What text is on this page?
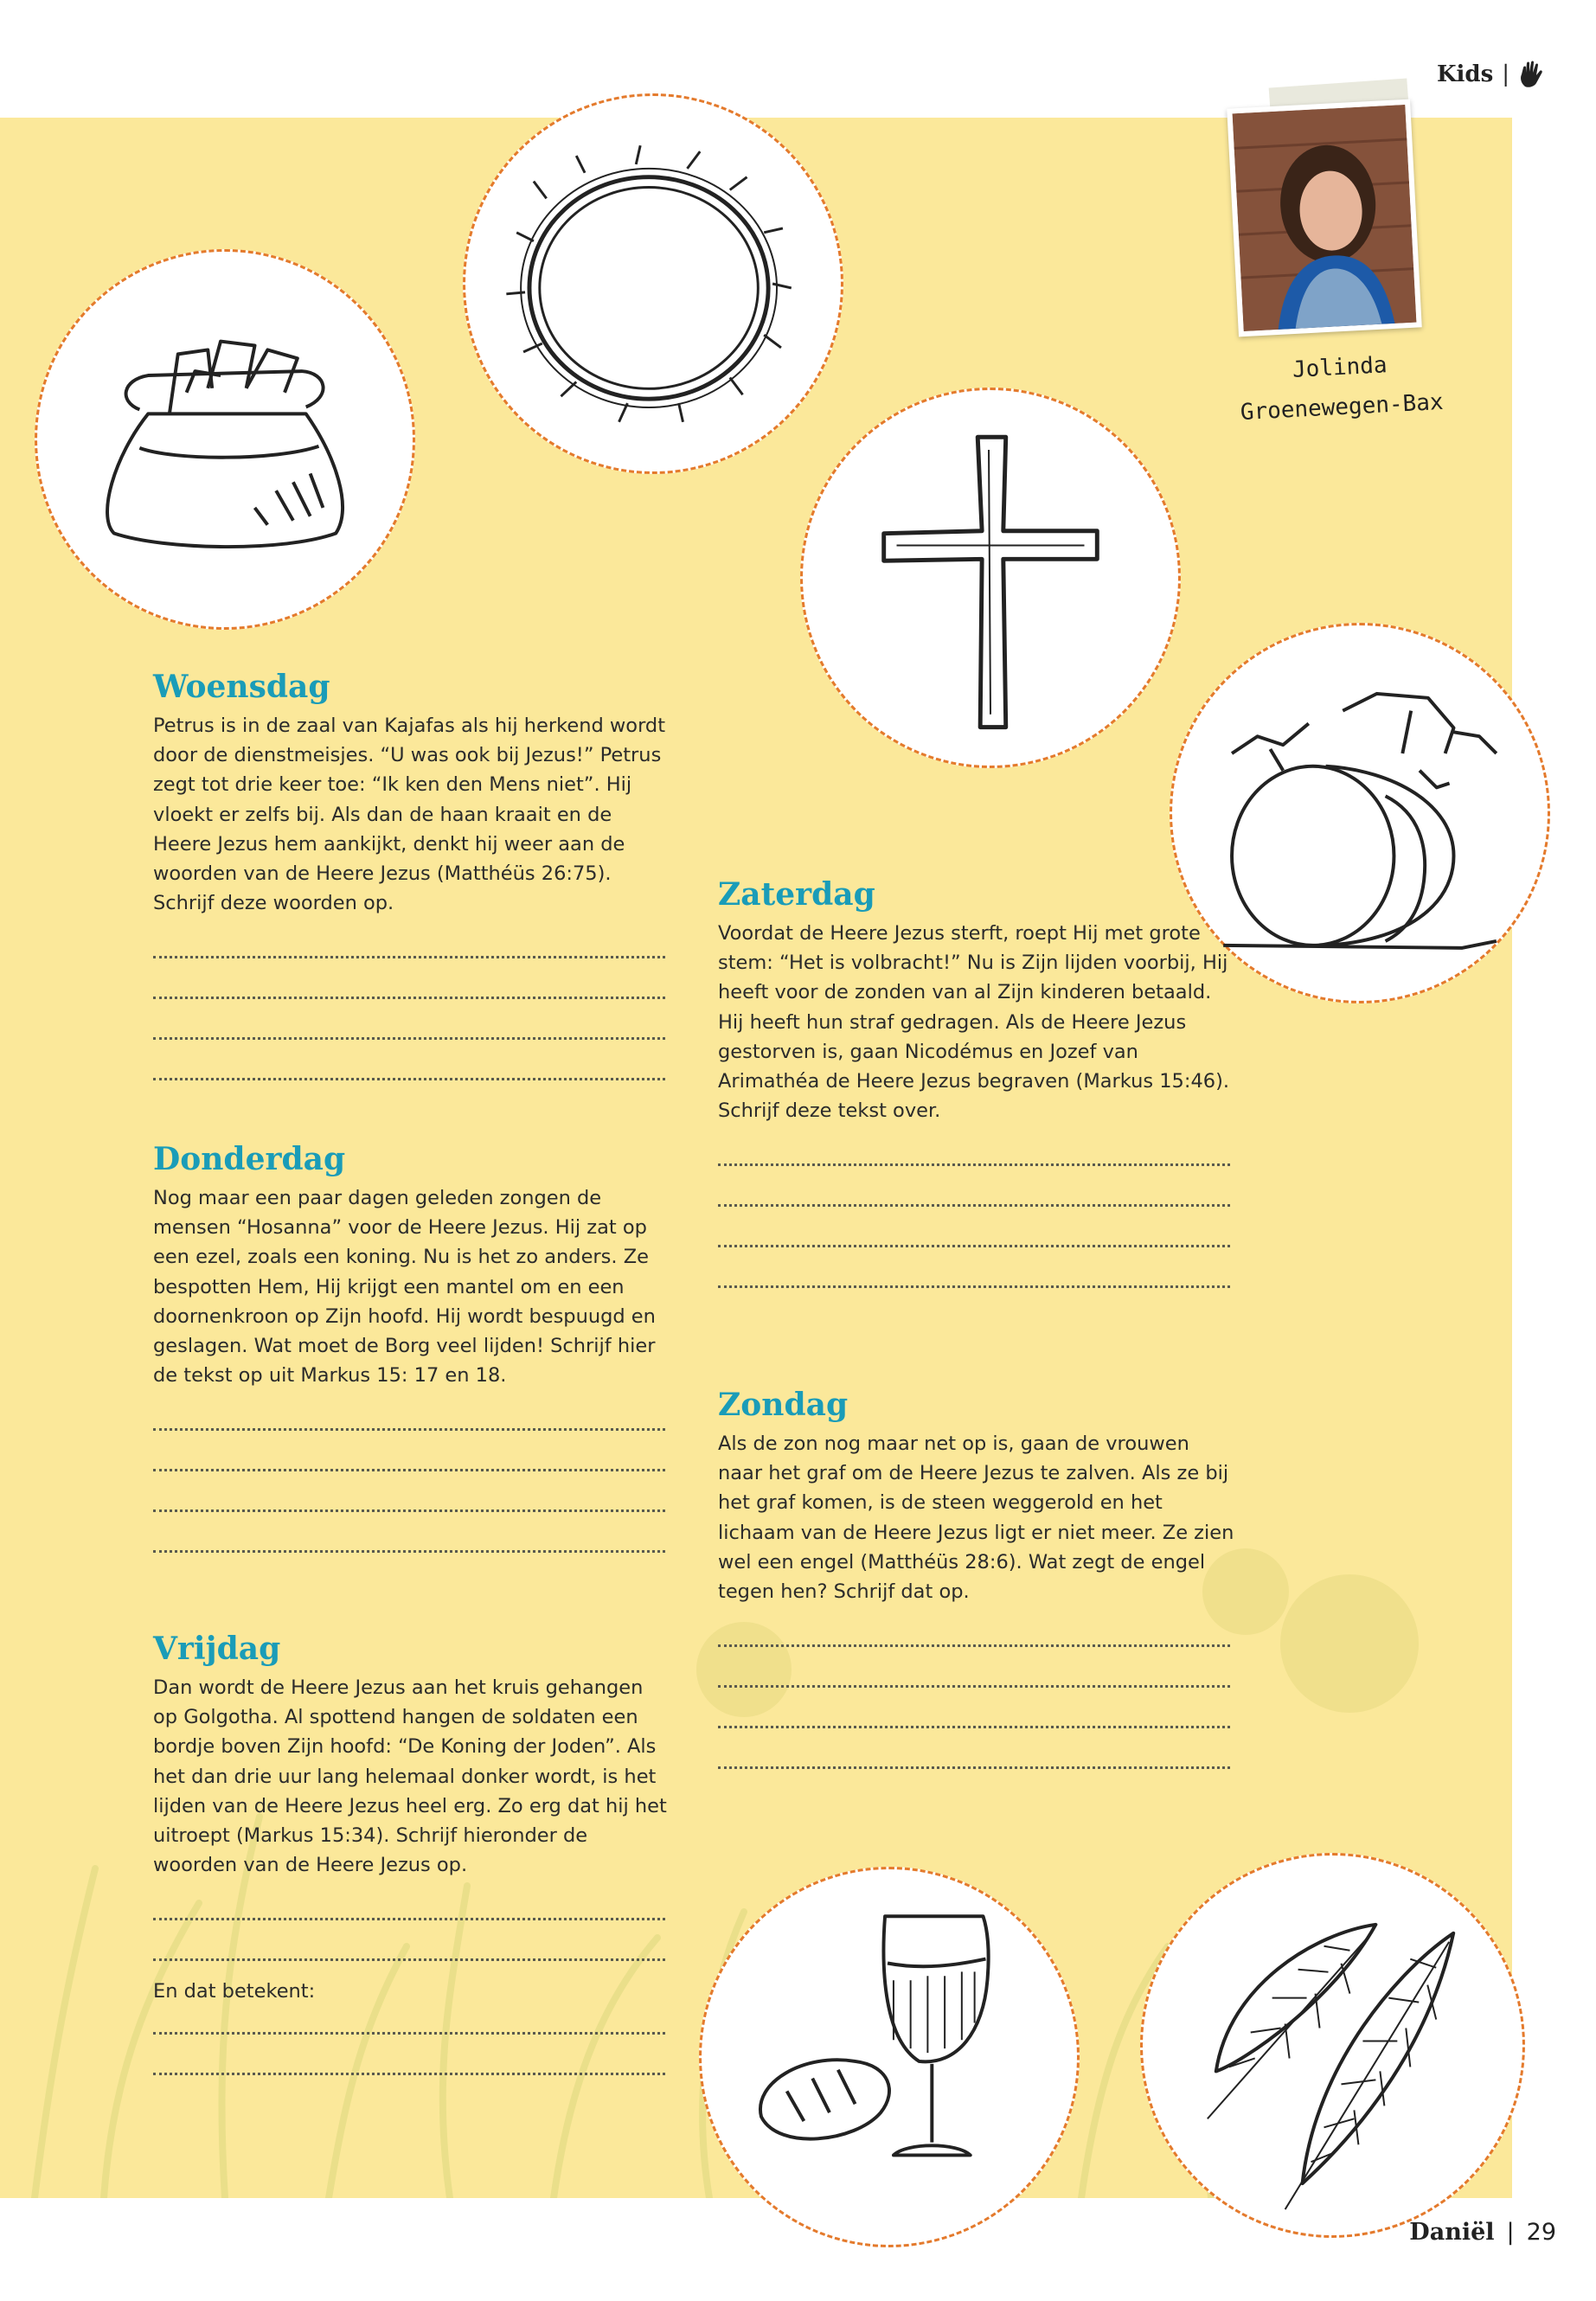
Kids |
Jolinda
Groenewegen-Bax
Woensdag

Petrus is in de zaal van Kajafas als hij herkend wordt door de dienstmeisjes. “U was ook bij Jezus!” Petrus zegt tot drie keer toe: “Ik ken den Mens niet”. Hij vloekt er zelfs bij. Als dan de haan kraait en de Heere Jezus hem aankijkt, denkt hij weer aan de woorden van de Heere Jezus (Matthéüs 26:75). Schrijf deze woorden op.

Donderdag

Nog maar een paar dagen geleden zongen de mensen “Hosanna” voor de Heere Jezus. Hij zat op een ezel, zoals een koning. Nu is het zo anders. Ze bespotten Hem, Hij krijgt een mantel om en een doornenkroon op Zijn hoofd. Hij wordt bespuugd en geslagen. Wat moet de Borg veel lijden! Schrijf hier de tekst op uit Markus 15: 17 en 18.

Vrijdag

Dan wordt de Heere Jezus aan het kruis gehangen op Golgotha. Al spottend hangen de soldaten een bordje boven Zijn hoofd: “De Koning der Joden”. Als het dan drie uur lang helemaal donker wordt, is het lijden van de Heere Jezus heel erg. Zo erg dat hij het uitroept (Markus 15:34). Schrijf hieronder de woorden van de Heere Jezus op.

En dat betekent:
Zaterdag

Voordat de Heere Jezus sterft, roept Hij met grote stem: “Het is volbracht!” Nu is Zijn lijden voorbij, Hij heeft voor de zonden van al Zijn kinderen betaald. Hij heeft hun straf gedragen. Als de Heere Jezus gestorven is, gaan Nicodémus en Jozef van Arimathéa de Heere Jezus begraven (Markus 15:46). Schrijf deze tekst over.

Zondag

Als de zon nog maar net op is, gaan de vrouwen naar het graf om de Heere Jezus te zalven. Als ze bij het graf komen, is de steen weggerold en het lichaam van de Heere Jezus ligt er niet meer. Ze zien wel een engel (Matthéüs 28:6). Wat zegt de engel tegen hen? Schrijf dat op.

Daniël | 29
